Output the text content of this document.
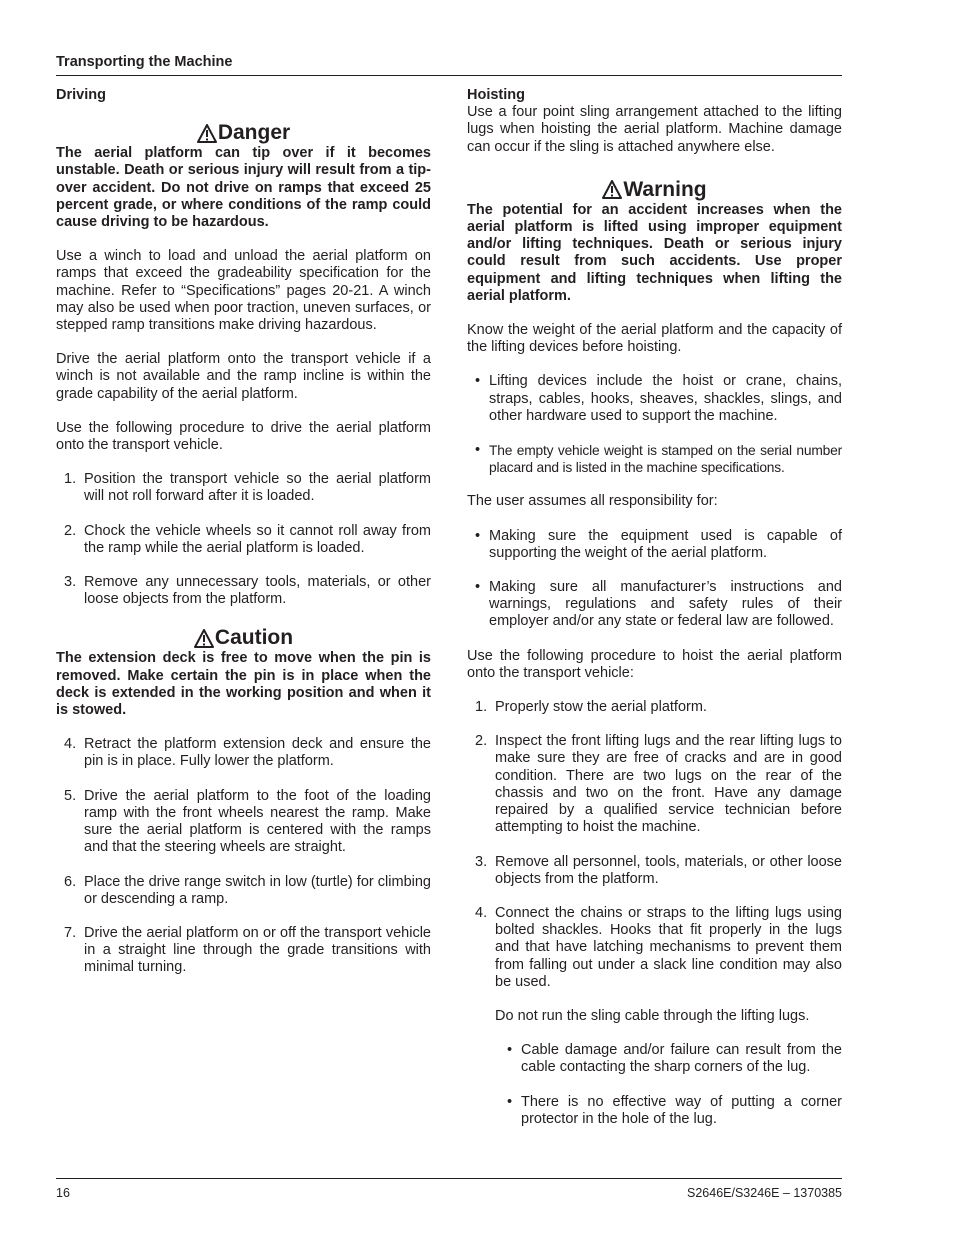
Transporting the Machine
Driving
Danger
The aerial platform can tip over if it becomes unstable. Death or serious injury will result from a tip-over accident. Do not drive on ramps that exceed 25 percent grade, or where conditions of the ramp could cause driving to be hazardous.

Use a winch to load and unload the aerial platform on ramps that exceed the gradeability specification for the machine. Refer to “Specifications” pages 20-21. A winch may also be used when poor traction, uneven surfaces, or stepped ramp transitions make driving hazardous.

Drive the aerial platform onto the transport vehicle if a winch is not available and the ramp incline is within the grade capability of the aerial platform.

Use the following procedure to drive the aerial platform onto the transport vehicle.

1. Position the transport vehicle so the aerial platform will not roll forward after it is loaded.
2. Chock the vehicle wheels so it cannot roll away from the ramp while the aerial platform is loaded.
3. Remove any unnecessary tools, materials, or other loose objects from the platform.
Caution
The extension deck is free to move when the pin is removed. Make certain the pin is in place when the deck is extended in the working position and when it is stowed.
4. Retract the platform extension deck and ensure the pin is in place. Fully lower the platform.
5. Drive the aerial platform to the foot of the loading ramp with the front wheels nearest the ramp. Make sure the aerial platform is centered with the ramps and that the steering wheels are straight.
6. Place the drive range switch in low (turtle) for climbing or descending a ramp.
7. Drive the aerial platform on or off the transport vehicle in a straight line through the grade transitions with minimal turning.
Hoisting

Use a four point sling arrangement attached to the lifting lugs when hoisting the aerial platform. Machine damage can occur if the sling is attached anywhere else.

Warning
The potential for an accident increases when the aerial platform is lifted using improper equipment and/or lifting techniques. Death or serious injury could result from such accidents. Use proper equipment and lifting techniques when lifting the aerial platform.

Know the weight of the aerial platform and the capacity of the lifting devices before hoisting.

• Lifting devices include the hoist or crane, chains, straps, cables, hooks, sheaves, shackles, slings, and other hardware used to support the machine.
• The empty vehicle weight is stamped on the serial number placard and is listed in the machine specifications.

The user assumes all responsibility for:

• Making sure the equipment used is capable of supporting the weight of the aerial platform.
• Making sure all manufacturer’s instructions and warnings, regulations and safety rules of their employer and/or any state or federal law are followed.

Use the following procedure to hoist the aerial platform onto the transport vehicle:

1. Properly stow the aerial platform.
2. Inspect the front lifting lugs and the rear lifting lugs to make sure they are free of cracks and are in good condition. There are two lugs on the rear of the chassis and two on the front. Have any damage repaired by a qualified service technician before attempting to hoist the machine.
3. Remove all personnel, tools, materials, or other loose objects from the platform.
4. Connect the chains or straps to the lifting lugs using bolted shackles. Hooks that fit properly in the lugs and that have latching mechanisms to prevent them from falling out under a slack line condition may also be used.

Do not run the sling cable through the lifting lugs.

• Cable damage and/or failure can result from the cable contacting the sharp corners of the lug.
• There is no effective way of putting a corner protector in the hole of the lug.
16	S2646E/S3246E – 1370385
